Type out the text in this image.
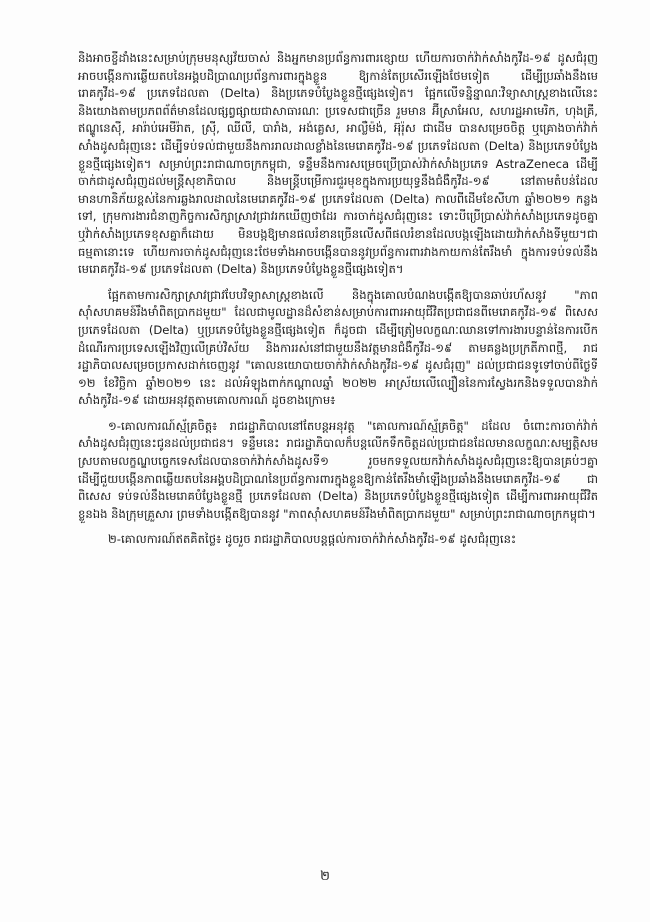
និងអាចខ្ចីដាំងនេះសម្រាប់ក្រុមមនុស្សវ័យចាស់ និងអ្នកមានប្រព័ន្ធការពារខ្សោយ ហើយការចាក់វ៉ាក់សាំងកូវីដ-១៩ ដូសជំរុញ អាចបង្កើនការឆ្លើយតបនៃអង្គបដិប្រាណប្រព័ន្ធការពារក្នុងខ្លួន ឱ្យកាន់តែប្រសើរឡើងថែមទៀត ដើម្បីប្រឆាំងនឹងមេរោគកូវីដ-១៩ ប្រភេទដែលតា (Delta) និងប្រភេទបំប្លែងខ្លួនថ្មីផ្សេងទៀត។ ផ្អែកលើទន្និន្នាណៈវិទ្យាសាស្ត្រខាងលើនេះ និងយោងតាមប្រភពព័ត៌មានដែលផ្សព្វផ្សាយជាសាធារណៈ ប្រទេសជាច្រើន រួមមាន អ៊ីស្រាអែល, សហរដ្ឋអាមេរិក, ហុងគ្រី, ឥណ្ឌូនេស៊ី, អារ៉ាប់អេមីរ៉ាត, ស្រ៊ី, ឈីលី, បារាំង, អង់គ្លេស, អាល្លឺម៉ង់, អ៊ុរ៉ុស ជាដើម បានសម្រេចចិត្ត ឬគ្រោងចាក់វ៉ាក់សាំងដូសជំរុញនេះ ដើម្បីទប់ទល់ជាមួយនឹងការរាលដាលខ្លាំងនៃមេរោគកូវីដ-១៩ ប្រភេទដែលតា (Delta) និងប្រភេទបំប្លែងខ្លួនថ្មីផ្សេងទៀត។ សម្រាប់ព្រះរាជាណាចក្រកម្ពុជា, ទន្ទឹមនឹងការសម្រេចប្រើប្រាស់វ៉ាក់សាំងប្រភេទ AstraZeneca ដើម្បីចាក់ជាដូសជំរុញដល់មន្ត្រីសុខាភិបាល និងមន្ត្រីបម្រើការជួរមុខក្នុងការប្រយុទ្ធនឹងជំងឺកូវីដ-១៩ នៅតាមតំបន់ដែលមានហានិភ័យខ្ពស់នៃការឆ្លងរាលដាលនៃមេរោគកូវីដ-១៩ ប្រភេទដែលតា (Delta) កាលពីដើមខែសីហា ឆ្នាំ២០២១ កន្លងទៅ, ក្រុមការងារជំនាញកិច្ចការសិក្សាស្រាវជ្រាវរកឃើញថាដែរ ការចាក់ដូសជំរុញនេះ ទោះបីប្រើប្រាស់វ៉ាក់សាំងប្រភេទដូចគ្នា ឬវ៉ាក់សាំងប្រភេទខុសគ្នាក៏ដោយ មិនបង្កឱ្យមានផលរំខានច្រើនលើសពីផលរំខានដែលបង្កឡើងដោយវ៉ាក់សាំងទីមួយ។ជាធម្មតានោះទេ ហើយការចាក់ដូសជំរុញនេះថែមទាំងអាចបង្កើនបាននូវប្រព័ន្ធការពារវាងកាយកាន់តែរឹងមាំ ក្នុងការទប់ទល់នឹងមេរោគកូវីដ-១៩ ប្រភេទដែលតា (Delta) និងប្រភេទបំប្លែងខ្លួនថ្មីផ្សេងទៀត។

ផ្អែកតាមការសិក្សាស្រាវជ្រាវបែបវិទ្យាសាស្ត្រខាងលើ និងក្នុងគោលបំណងបង្កើតឱ្យបានឆាប់រហ័សនូវ "ភាពស៊ាំសហគមន៍រឹងមាំពិតប្រាកដមួយ" ដែលជាមូលដ្ឋានដ៏សំខាន់សម្រាប់ការពារអាយុជីវិតប្រជាជនពីមេរោគកូវីដ-១៩ ពិសេស ប្រភេទដែលតា (Delta) ឬប្រភេទបំប្លែងខ្លួនថ្មីផ្សេងទៀត ក៏ដូចជា ដើម្បីត្រៀមលក្ខណៈឈានទៅការងារបន្ទាន់នៃការបើកដំណើរការប្រទេសឡើងវិញលើគ្រប់វិស័យ និងការរស់នៅជាមួយនឹងវត្តមានជំងឺកូវីដ-១៩ តាមគន្លងប្រក្រតីភាពថ្មី, រាជរដ្ឋាភិបាលសម្រេចប្រកាសដាក់ចេញនូវ "គោលនយោបាយចាក់វ៉ាក់សាំងកូវីដ-១៩ ដូសជំរុញ" ដល់ប្រជាជនទូទៅចាប់ពីថ្ងៃទី ១២ ខែវិច្ឆិកា ឆ្នាំ២០២១ នេះ ដល់អំឡុងពាក់កណ្តាលឆ្នាំ ២០២២ អាស្រ័យលើល្បឿននៃការស្វែងរកនិងទទួលបានវ៉ាក់សាំងកូវីដ-១៩ ដោយអនុវត្តតាមគោលការណ៍ ដូចខាងក្រោម៖

១-គោលការណ៍ស្ម័គ្រចិត្ត៖ រាជរដ្ឋាភិបាលនៅតែបន្តអនុវត្ត "គោលការណ៍ស្ម័គ្រចិត្ត" ដដែល ចំពោះការចាក់វ៉ាក់សាំងដូសជំរុញនេះជូនដល់ប្រជាជន។ ទន្ទឹមនេះ រាជរដ្ឋាភិបាលក៏បន្តលើកទឹកចិត្តដល់ប្រជាជនដែលមានលក្ខណៈសម្បត្តិសមស្របតាមលក្ខណ្ឌបច្ចេកទេសដែលបានចាក់វ៉ាក់សាំងដូសទី១ រួចមកទទួលយកវ៉ាក់សាំងដូសជំរុញនេះឱ្យបានគ្រប់ៗគ្នា ដើម្បីជួយបង្កើនភាពឆ្លើយតបនៃអង្គបដិប្រាណនៃប្រព័ន្ធការពារក្នុងខ្លួនឱ្យកាន់តែរឹងមាំឡើងប្រឆាំងនឹងមេរោគកូវីដ-១៩ ជាពិសេស ទប់ទល់នឹងមេរោគបំប្លែងខ្លួនថ្មី ប្រភេទដែលតា (Delta) និងប្រភេទបំប្លែងខ្លួនថ្មីផ្សេងទៀត ដើម្បីការពារអាយុជីវិតខ្លួនឯង និងក្រុមគ្រួសារ ព្រមទាំងបង្កើតឱ្យបាននូវ "ភាពស៊ាំសហគមន៍រឹងមាំពិតប្រាកដមួយ" សម្រាប់ព្រះរាជាណាចក្រកម្ពុជា។

២-គោលការណ៍ឥតគិតថ្លៃ៖ ដូចរួច រាជរដ្ឋាភិបាលបន្តផ្តល់ការចាក់វ៉ាក់សាំងកូវីដ-១៩ ដូសជំរុញនេះ

២
